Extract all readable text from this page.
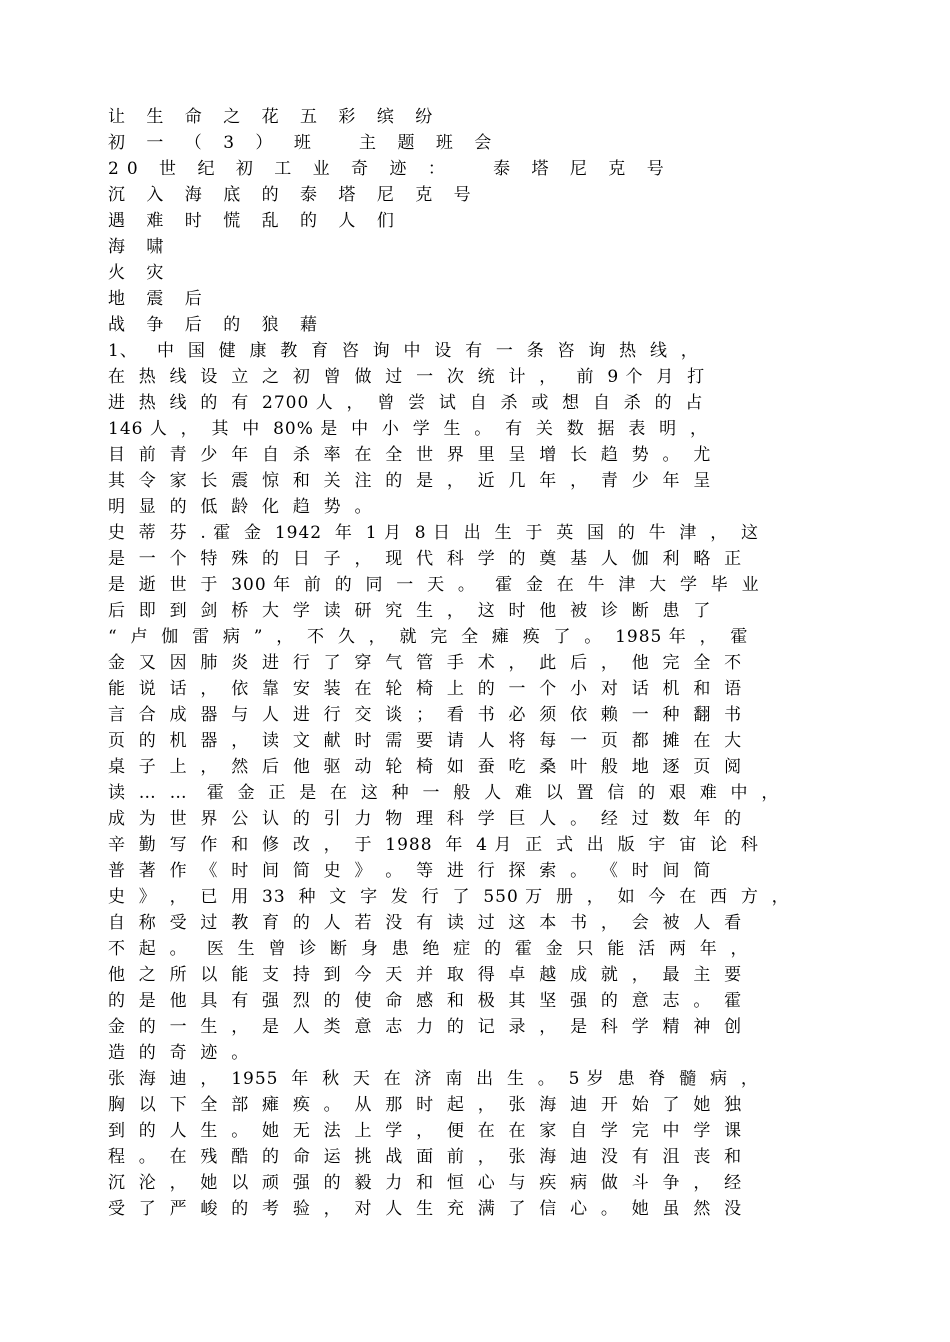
让 生 命 之 花 五 彩 缤 纷
初 一 （ 3 ） 班   主 题 班 会
20 世 纪 初 工 业 奇 迹 ：   泰 塔 尼 克 号
沉 入 海 底 的 泰 塔 尼 克 号
遇 难 时 慌 乱 的 人 们
海 啸
火 灾
地 震 后
战 争 后 的 狼 藉
1、   中  国  健  康  教  育  咨  询  中  设  有  一  条  咨  询  热  线  ，
在  热  线  设  立  之  初  曾  做  过  一  次  统  计  ，   前  9 个  月  打
进  热  线  的  有  2700 人  ，  曾  尝  试  自  杀  或  想  自  杀  的  占
146 人  ，  其  中  80% 是  中  小  学  生  。  有  关  数  据  表  明  ，
目  前  青  少  年  自  杀  率  在  全  世  界  里  呈  增  长  趋  势  。  尤
其  令  家  长  震  惊  和  关  注  的  是  ，  近  几  年  ，  青  少  年  呈
明  显  的  低  龄  化  趋  势  。
史  蒂  芬  . 霍  金  1942  年  1 月  8 日  出  生  于  英  国  的  牛  津  ，  这
是  一  个  特  殊  的  日  子  ，  现  代  科  学  的  奠  基  人  伽  利  略  正
是  逝  世  于  300 年  前  的  同  一  天  。   霍  金  在  牛  津  大  学  毕  业
后  即  到  剑  桥  大  学  读  研  究  生  ，  这  时  他  被  诊  断  患  了
“  卢  伽  雷  病  ”  ，  不  久  ，  就  完  全  瘫  痪  了  。  1985 年  ，  霍
金  又  因  肺  炎  进  行  了  穿  气  管  手  术  ，  此  后  ，  他  完  全  不
能  说  话  ，  依  靠  安  装  在  轮  椅  上  的  一  个  小  对  话  机  和  语
言  合  成  器  与  人  进  行  交  谈  ；  看  书  必  须  依  赖  一  种  翻  书
页  的  机  器  ，  读  文  献  时  需  要  请  人  将  每  一  页  都  摊  在  大
桌  子  上  ，  然  后  他  驱  动  轮  椅  如  蚕  吃  桑  叶  般  地  逐  页  阅
读  …  …   霍  金  正  是  在  这  种  一  般  人  难  以  置  信  的  艰  难  中  ，
成  为  世  界  公  认  的  引  力  物  理  科  学  巨  人  。  经  过  数  年  的
辛  勤  写  作  和  修  改  ，  于  1988  年  4 月  正  式  出  版  宇  宙  论  科
普  著  作  《  时  间  简  史  》  。  等  进  行  探  索  。  《  时  间  简
史  》  ，  已  用  33  种  文  字  发  行  了  550 万  册  ，  如  今  在  西  方  ，
自  称  受  过  教  育  的  人  若  没  有  读  过  这  本  书  ，  会  被  人  看
不  起  。   医  生  曾  诊  断  身  患  绝  症  的  霍  金  只  能  活  两  年  ，
他  之  所  以  能  支  持  到  今  天  并  取  得  卓  越  成  就  ，  最  主  要
的  是  他  具  有  强  烈  的  使  命  感  和  极  其  坚  强  的  意  志  。  霍
金  的  一  生  ，  是  人  类  意  志  力  的  记  录  ，  是  科  学  精  神  创
造  的  奇  迹  。
张  海  迪  ，  1955  年  秋  天  在  济  南  出  生  。  5 岁  患  脊  髓  病  ，
胸  以  下  全  部  瘫  痪  。  从  那  时  起  ，  张  海  迪  开  始  了  她  独
到  的  人  生  。  她  无  法  上  学  ，  便  在  在  家  自  学  完  中  学  课
程  。  在  残  酷  的  命  运  挑  战  面  前  ，  张  海  迪  没  有  沮  丧  和
沉  沦  ，  她  以  顽  强  的  毅  力  和  恒  心  与  疾  病  做  斗  争  ，  经
受  了  严  峻  的  考  验  ，  对  人  生  充  满  了  信  心  。  她  虽  然  没
